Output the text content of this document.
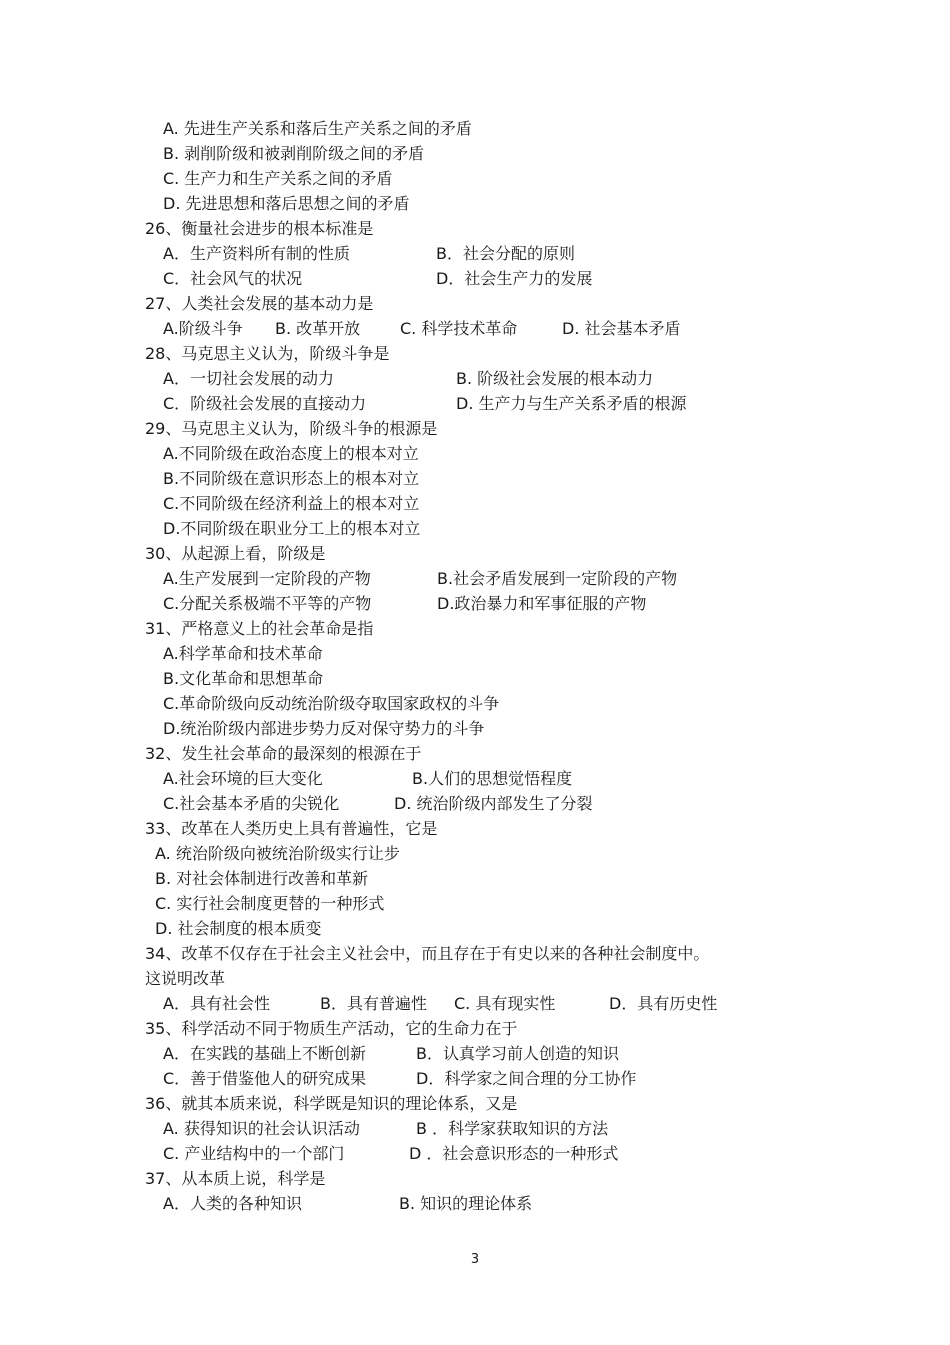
A. 先进生产关系和落后生产关系之间的矛盾
B. 剥削阶级和被剥削阶级之间的矛盾
C. 生产力和生产关系之间的矛盾
D. 先进思想和落后思想之间的矛盾
26、衡量社会进步的根本标准是
A．生产资料所有制的性质	B．社会分配的原则
C．社会风气的状况	D．社会生产力的发展
27、人类社会发展的基本动力是
A.阶级斗争 B. 改革开放 C. 科学技术革命	D. 社会基本矛盾
28、马克思主义认为，阶级斗争是
A．一切社会发展的动力	B. 阶级社会发展的根本动力
C．阶级社会发展的直接动力	D. 生产力与生产关系矛盾的根源
29、马克思主义认为，阶级斗争的根源是
A.不同阶级在政治态度上的根本对立
B.不同阶级在意识形态上的根本对立
C.不同阶级在经济利益上的根本对立
D.不同阶级在职业分工上的根本对立
30、从起源上看，阶级是
A.生产发展到一定阶段的产物	B.社会矛盾发展到一定阶段的产物
C.分配关系极端不平等的产物	D.政治暴力和军事征服的产物
31、严格意义上的社会革命是指
A.科学革命和技术革命
B.文化革命和思想革命
C.革命阶级向反动统治阶级夺取国家政权的斗争
D.统治阶级内部进步势力反对保守势力的斗争
32、发生社会革命的最深刻的根源在于
A.社会环境的巨大变化	B.人们的思想觉悟程度
C.社会基本矛盾的尖锐化	D. 统治阶级内部发生了分裂
33、改革在人类历史上具有普遍性，它是
A. 统治阶级向被统治阶级实行让步
B. 对社会体制进行改善和革新
C. 实行社会制度更替的一种形式
D. 社会制度的根本质变
34、改革不仅存在于社会主义社会中，而且存在于有史以来的各种社会制度中。
这说明改革
A．具有社会性	B．具有普遍性 C. 具有现实性	D．具有历史性
35、科学活动不同于物质生产活动，它的生命力在于
A．在实践的基础上不断创新	B．认真学习前人创造的知识
C．善于借鉴他人的研究成果	D．科学家之间合理的分工协作
36、就其本质来说，科学既是知识的理论体系，又是
A. 获得知识的社会认识活动	B ．科学家获取知识的方法
C. 产业结构中的一个部门	D ．社会意识形态的一种形式
37、从本质上说，科学是
A．人类的各种知识	B. 知识的理论体系
3
